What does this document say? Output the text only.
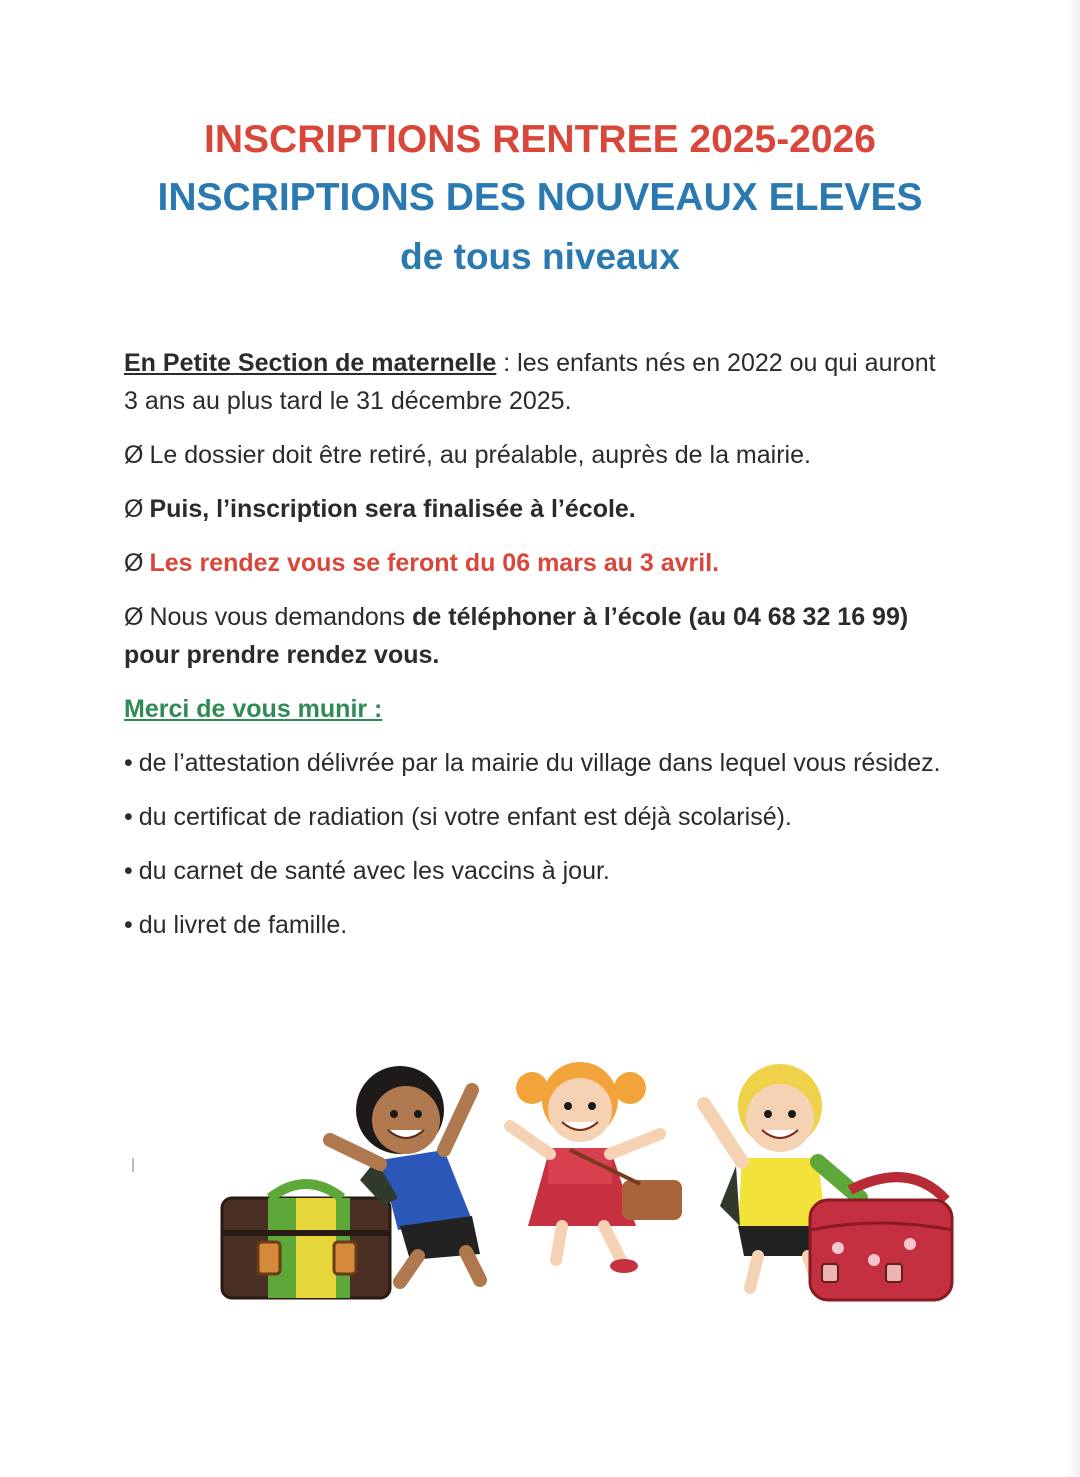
INSCRIPTIONS RENTREE 2025-2026

INSCRIPTIONS DES NOUVEAUX ELEVES

de tous niveaux

En Petite Section de maternelle : les enfants nés en 2022 ou qui auront 3 ans au plus tard le 31 décembre 2025.

Ø Le dossier doit être retiré, au préalable, auprès de la mairie.

Ø Puis, l’inscription sera finalisée à l’école.

Ø Les rendez vous se feront du 06 mars au 3 avril.

Ø Nous vous demandons de téléphoner à l’école (au 04 68 32 16 99) pour prendre rendez vous.

Merci de vous munir :

• de l’attestation délivrée par la mairie du village dans lequel vous résidez.

• du certificat de radiation (si votre enfant est déjà scolarisé).

• du carnet de santé avec les vaccins à jour.

• du livret de famille.
